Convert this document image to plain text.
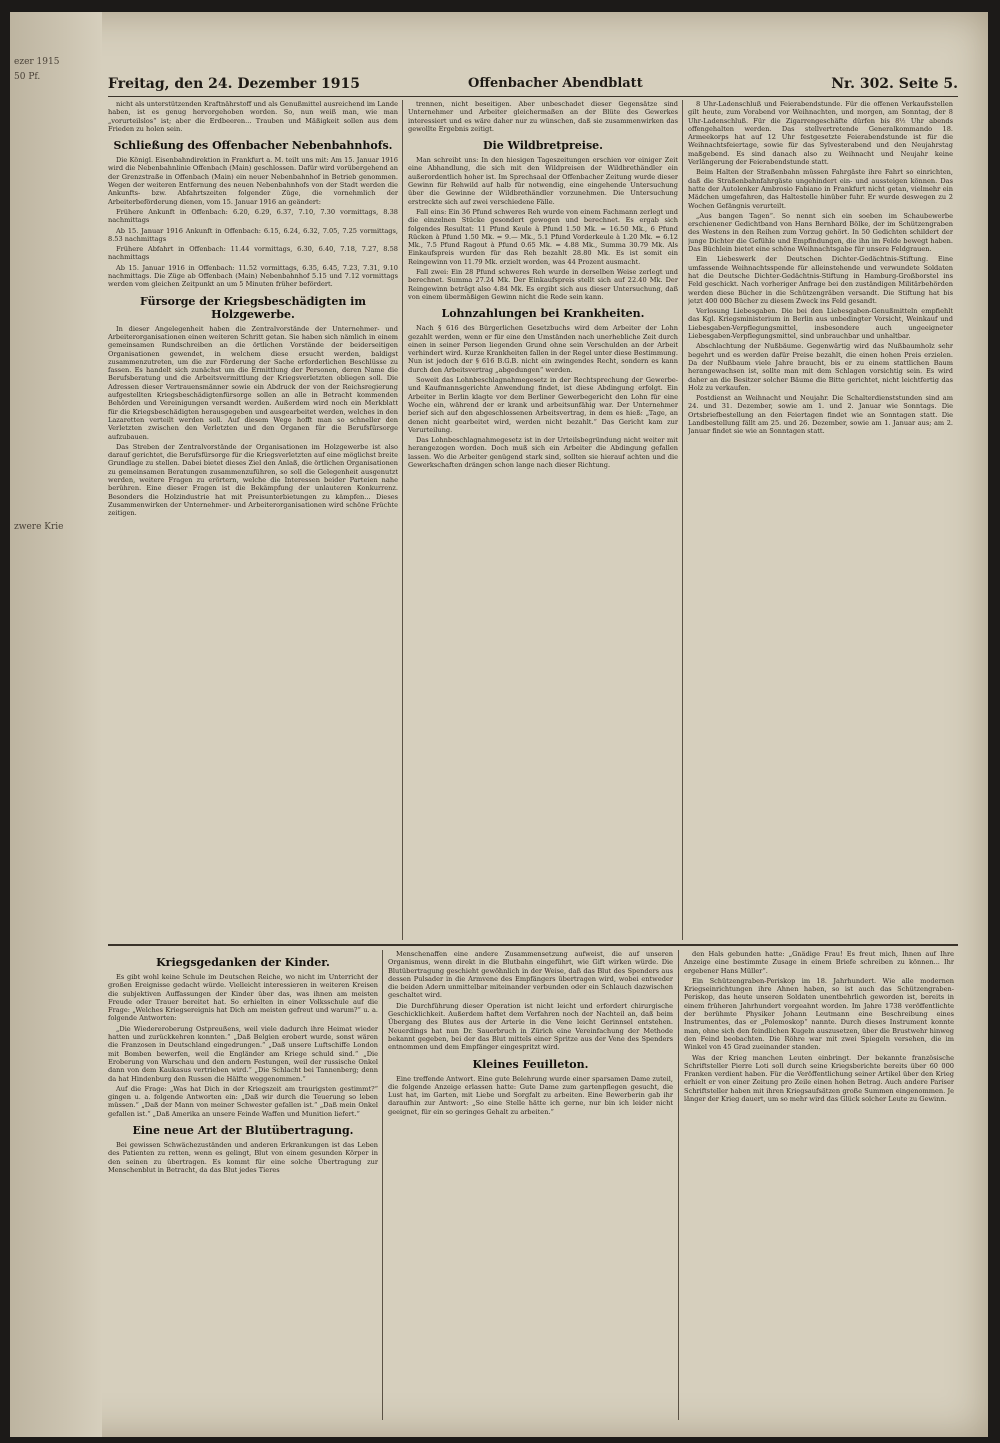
ezer 1915
50 Pf.
zwere Krie
Freitag, den 24. Dezember 1915	Offenbacher Abendblatt	Nr. 302. Seite 5.

nicht als unterstützenden Kraftnährstoff und als Genußmittel ausreichend im Lande haben, ist es genug hervorgehoben worden. So, nun weiß man, wie man „vorurteilslos“ ist; aber die Erdbeeren... Trauben und Mäßigkeit sollen aus dem Frieden zu holen sein.

Schließung des Offenbacher Nebenbahnhofs.

Die Königl. Eisenbahndirektion in Frankfurt a. M. teilt uns mit: Am 15. Januar 1916 wird die Nebenbahnlinie Offenbach (Main) geschlossen. Dafür wird vorübergehend an der Grenzstraße in Offenbach (Main) ein neuer Nebenbahnhof in Betrieb genommen. Wegen der weiteren Entfernung des neuen Nebenbahnhofs von der Stadt werden die Ankunfts- bzw. Abfahrtszeiten folgender Züge, die vornehmlich der Arbeiterbeförderung dienen, vom 15. Januar 1916 an geändert:

Frühere Ankunft in Offenbach: 6.20, 6.29, 6.37, 7.10, 7.30 vormittags, 8.38 nachmittags

Ab 15. Januar 1916 Ankunft in Offenbach: 6.15, 6.24, 6.32, 7.05, 7.25 vormittags, 8.53 nachmittags

Frühere Abfahrt in Offenbach: 11.44 vormittags, 6.30, 6.40, 7.18, 7.27, 8.58 nachmittags

Ab 15. Januar 1916 in Offenbach: 11.52 vormittags, 6.35, 6.45, 7.23, 7.31, 9.10 nachmittags. Die Züge ab Offenbach (Main) Nebenbahnhof 5.15 und 7.12 vormittags werden vom gleichen Zeitpunkt an um 5 Minuten früher befördert.

Fürsorge der Kriegsbeschädigten im Holzgewerbe.

In dieser Angelegenheit haben die Zentralvorstände der Unternehmer- und Arbeiterorganisationen einen weiteren Schritt getan. Sie haben sich nämlich in einem gemeinsamen Rundschreiben an die örtlichen Vorstände der beiderseitigen Organisationen gewendet, in welchem diese ersucht werden, baldigst zusammenzutreten, um die zur Förderung der Sache erforderlichen Beschlüsse zu fassen. Es handelt sich zunächst um die Ermittlung der Personen, deren Name die Berufsberatung und die Arbeitsvermittlung der Kriegsverletzten obliegen soll. Die Adressen dieser Vertrauensmänner sowie ein Abdruck der von der Reichsregierung aufgestellten Kriegsbeschädigtenfürsorge sollen an alle in Betracht kommenden Behörden und Vereinigungen versandt werden. Außerdem wird noch ein Merkblatt für die Kriegsbeschädigten herausgegeben und ausgearbeitet werden, welches in den Lazaretten verteilt werden soll. Auf diesem Wege hofft man so schneller den Verletzten zwischen den Verletzten und den Organen für die Berufsfürsorge aufzubauen.

Das Streben der Zentralvorstände der Organisationen im Holzgewerbe ist also darauf gerichtet, die Berufsfürsorge für die Kriegsverletzten auf eine möglichst breite Grundlage zu stellen. Dabei bietet dieses Ziel den Anlaß, die örtlichen Organisationen zu gemeinsamen Beratungen zusammenzuführen, so soll die Gelegenheit ausgenutzt werden, weitere Fragen zu erörtern, welche die Interessen beider Parteien nahe berühren. Eine dieser Fragen ist die Bekämpfung der unlauteren Konkurrenz. Besonders die Holzindustrie hat mit Preisunterbietungen zu kämpfen... Dieses Zusammenwirken der Unternehmer- und Arbeiterorganisationen wird schöne Früchte zeitigen.

trennen, nicht beseitigen. Aber unbeschadet dieser Gegensätze sind Unternehmer und Arbeiter gleichermaßen an der Blüte des Gewerkes interessiert und es wäre daher nur zu wünschen, daß sie zusammenwirken das gewollte Ergebnis zeitigt.

Die Wildbretpreise.

Man schreibt uns: In den hiesigen Tageszeitungen erschien vor einiger Zeit eine Abhandlung, die sich mit den Wildpreisen der Wildbrethändler ein außerordentlich hoher ist. Im Sprechsaal der Offenbacher Zeitung wurde dieser Gewinn für Rehwild auf halb für notwendig, eine eingehende Untersuchung über die Gewinne der Wildbrethändler vorzunehmen. Die Untersuchung erstreckte sich auf zwei verschiedene Fälle.

Fall eins: Ein 36 Pfund schweres Reh wurde von einem Fachmann zerlegt und die einzelnen Stücke gesondert gewogen und berechnet. Es ergab sich folgendes Resultat: 11 Pfund Keule à Pfund 1.50 Mk. = 16.50 Mk., 6 Pfund Rücken à Pfund 1.50 Mk. = 9.— Mk., 5.1 Pfund Vorderkeule à 1.20 Mk. = 6.12 Mk., 7.5 Pfund Ragout à Pfund 0.65 Mk. = 4.88 Mk., Summa 30.79 Mk. Als Einkaufspreis wurden für das Reh bezahlt 28.80 Mk. Es ist somit ein Reingewinn von 11.79 Mk. erzielt worden, was 44 Prozent ausmacht.

Fall zwei: Ein 28 Pfund schweres Reh wurde in derselben Weise zerlegt und berechnet. Summa 27.24 Mk. Der Einkaufspreis stellt sich auf 22.40 Mk. Der Reingewinn beträgt also 4.84 Mk. Es ergibt sich aus dieser Untersuchung, daß von einem übermäßigen Gewinn nicht die Rede sein kann.

Lohnzahlungen bei Krankheiten.

Nach § 616 des Bürgerlichen Gesetzbuchs wird dem Arbeiter der Lohn gezahlt werden, wenn er für eine den Umständen nach unerhebliche Zeit durch einen in seiner Person liegenden Grund ohne sein Verschulden an der Arbeit verhindert wird. Kurze Krankheiten fallen in der Regel unter diese Bestimmung. Nun ist jedoch der § 616 B.G.B. nicht ein zwingendes Recht, sondern es kann durch den Arbeitsvertrag „abgedungen“ werden.

Soweit das Lohnbeschlagnahmegesetz in der Rechtsprechung der Gewerbe- und Kaufmannsgerichte Anwendung findet, ist diese Abdingung erfolgt. Ein Arbeiter in Berlin klagte vor dem Berliner Gewerbegericht den Lohn für eine Woche ein, während der er krank und arbeitsunfähig war. Der Unternehmer berief sich auf den abgeschlossenen Arbeitsvertrag, in dem es hieß: „Tage, an denen nicht gearbeitet wird, werden nicht bezahlt.“ Das Gericht kam zur Verurteilung.

Das Lohnbeschlagnahmegesetz ist in der Urteilsbegründung nicht weiter mit herangezogen worden. Doch muß sich ein Arbeiter die Abdingung gefallen lassen. Wo die Arbeiter genügend stark sind, sollten sie hierauf achten und die Gewerkschaften drängen schon lange nach dieser Richtung.

8 Uhr-Ladenschluß und Feierabendstunde. Für die offenen Verkaufsstellen gilt heute, zum Vorabend vor Weihnachten, und morgen, am Sonntag, der 8 Uhr-Ladenschluß. Für die Zigarrengeschäfte dürfen bis 8½ Uhr abends offengehalten werden. Das stellvertretende Generalkommando 18. Armeekorps hat auf 12 Uhr festgesetzte Feierabendstunde ist für die Weihnachtsfeiertage, sowie für das Sylvesterabend und den Neujahrstag maßgebend. Es sind danach also zu Weihnacht und Neujahr keine Verlängerung der Feierabendstunde statt.

Beim Halten der Straßenbahn müssen Fahrgäste ihre Fahrt so einrichten, daß die Straßenbahnfahrgäste ungehindert ein- und aussteigen können. Das hatte der Autolenker Ambrosio Fabiano in Frankfurt nicht getan, vielmehr ein Mädchen umgefahren, das Haltestelle hinüber fuhr. Er wurde deswegen zu 2 Wochen Gefängnis verurteilt.

„Aus bangen Tagen“. So nennt sich ein soeben im Schaubewerbe erschienener Gedichtband von Hans Bernhard Bölke, der im Schützengraben des Westens in den Reihen zum Vorzug gehört. In 50 Gedichten schildert der junge Dichter die Gefühle und Empfindungen, die ihn im Felde bewegt haben. Das Büchlein bietet eine schöne Weihnachtsgabe für unsere Feldgrauen.

Ein Liebeswerk der Deutschen Dichter-Gedächtnis-Stiftung. Eine umfassende Weihnachtsspende für alleinstehende und verwundete Soldaten hat die Deutsche Dichter-Gedächtnis-Stiftung in Hamburg-Großborstel ins Feld geschickt. Nach vorheriger Anfrage bei den zuständigen Militärbehörden werden diese Bücher in die Schützengräben versandt. Die Stiftung hat bis jetzt 400 000 Bücher zu diesem Zweck ins Feld gesandt.

Verlosung Liebesgaben. Die bei den Liebesgaben-Genußmitteln empfiehlt das Kgl. Kriegsministerium in Berlin aus unbedingter Vorsicht, Weinkauf und Liebesgaben-Verpflegungsmittel, insbesondere auch ungeeigneter Liebesgaben-Verpflegungsmittel, sind unbrauchbar und unhaltbar.

Abschlachtung der Nußbäume. Gegenwärtig wird das Nußbaumholz sehr begehrt und es werden dafür Preise bezahlt, die einen hohen Preis erzielen. Da der Nußbaum viele Jahre braucht, bis er zu einem stattlichen Baum herangewachsen ist, sollte man mit dem Schlagen vorsichtig sein. Es wird daher an die Besitzer solcher Bäume die Bitte gerichtet, nicht leichtfertig das Holz zu verkaufen.

Postdienst an Weihnacht und Neujahr. Die Schalterdienststunden sind am 24. und 31. Dezember, sowie am 1. und 2. Januar wie Sonntags. Die Ortsbriefbestellung an den Feiertagen findet wie an Sonntagen statt. Die Landbestellung fällt am 25. und 26. Dezember, sowie am 1. Januar aus; am 2. Januar findet sie wie an Sonntagen statt.

Kriegsgedanken der Kinder.

Es gibt wohl keine Schule im Deutschen Reiche, wo nicht im Unterricht der großen Ereignisse gedacht würde. Vielleicht interessieren in weiteren Kreisen die subjektiven Auffassungen der Kinder über das, was ihnen am meisten Freude oder Trauer bereitet hat. So erhielten in einer Volksschule auf die Frage: „Welches Kriegsereignis hat Dich am meisten gefreut und warum?“ u. a. folgende Antworten:

„Die Wiedereroberung Ostpreußens, weil viele dadurch ihre Heimat wieder hatten und zurückkehren konnten.“ „Daß Belgien erobert wurde, sonst wären die Franzosen in Deutschland eingedrungen.“ „Daß unsere Luftschiffe London mit Bomben bewerfen, weil die Engländer am Kriege schuld sind.“ „Die Eroberung von Warschau und den andern Festungen, weil der russische Onkel dann von dem Kaukasus vertrieben wird.“ „Die Schlacht bei Tannenberg; denn da hat Hindenburg den Russen die Hälfte weggenommen.“

Auf die Frage: „Was hat Dich in der Kriegszeit am traurigsten gestimmt?“ gingen u. a. folgende Antworten ein: „Daß wir durch die Teuerung so leben müssen.“ „Daß der Mann von meiner Schwester gefallen ist.“ „Daß mein Onkel gefallen ist.“ „Daß Amerika an unsere Feinde Waffen und Munition liefert.“

Eine neue Art der Blutübertragung.

Bei gewissen Schwächezuständen und anderen Erkrankungen ist das Leben des Patienten zu retten, wenn es gelingt, Blut von einem gesunden Körper in den seinen zu übertragen. Es kommt für eine solche Übertragung zur Menschenblut in Betracht, da das Blut jedes Tieres

Menschenaffen eine andere Zusammensetzung aufweist, die auf unseren Organismus, wenn direkt in die Blutbahn eingeführt, wie Gift wirken würde. Die Blutübertragung geschieht gewöhnlich in der Weise, daß das Blut des Spenders aus dessen Pulsader in die Armvene des Empfängers übertragen wird, wobei entweder die beiden Adern unmittelbar miteinander verbunden oder ein Schlauch dazwischen geschaltet wird.

Die Durchführung dieser Operation ist nicht leicht und erfordert chirurgische Geschicklichkeit. Außerdem haftet dem Verfahren noch der Nachteil an, daß beim Übergang des Blutes aus der Arterie in die Vene leicht Gerinnsel entstehen. Neuerdings hat nun Dr. Sauerbruch in Zürich eine Vereinfachung der Methode bekannt gegeben, bei der das Blut mittels einer Spritze aus der Vene des Spenders entnommen und dem Empfänger eingespritzt wird.

Kleines Feuilleton.

Eine treffende Antwort. Eine gute Belehrung wurde einer sparsamen Dame zuteil, die folgende Anzeige erlassen hatte: Gute Dame zum gartenpflegen gesucht, die Lust hat, im Garten, mit Liebe und Sorgfalt zu arbeiten. Eine Bewerberin gab ihr daraufhin zur Antwort: „So eine Stelle hätte ich gerne, nur bin ich leider nicht geeignet, für ein so geringes Gehalt zu arbeiten.“

den Hals gebunden hatte: „Gnädige Frau! Es freut mich, Ihnen auf Ihre Anzeige eine bestimmte Zusage in einem Briefe schreiben zu können... Ihr ergebener Hans Müller“.

Ein Schützengraben-Periskop im 18. Jahrhundert. Wie alle modernen Kriegseinrichtungen ihre Ahnen haben, so ist auch das Schützengraben-Periskop, das heute unseren Soldaten unentbehrlich geworden ist, bereits in einem früheren Jahrhundert vorgeahnt worden. Im Jahre 1738 veröffentlichte der berühmte Physiker Johann Leutmann eine Beschreibung eines Instrumentes, das er „Polemoskop“ nannte. Durch dieses Instrument konnte man, ohne sich den feindlichen Kugeln auszusetzen, über die Brustwehr hinweg den Feind beobachten. Die Röhre war mit zwei Spiegeln versehen, die im Winkel von 45 Grad zueinander standen.

Was der Krieg manchen Leuten einbringt. Der bekannte französische Schriftsteller Pierre Loti soll durch seine Kriegsberichte bereits über 60 000 Franken verdient haben. Für die Veröffentlichung seiner Artikel über den Krieg erhielt er von einer Zeitung pro Zeile einen hohen Betrag. Auch andere Pariser Schriftsteller haben mit ihren Kriegsaufsätzen große Summen eingenommen. Je länger der Krieg dauert, um so mehr wird das Glück solcher Leute zu Gewinn.
